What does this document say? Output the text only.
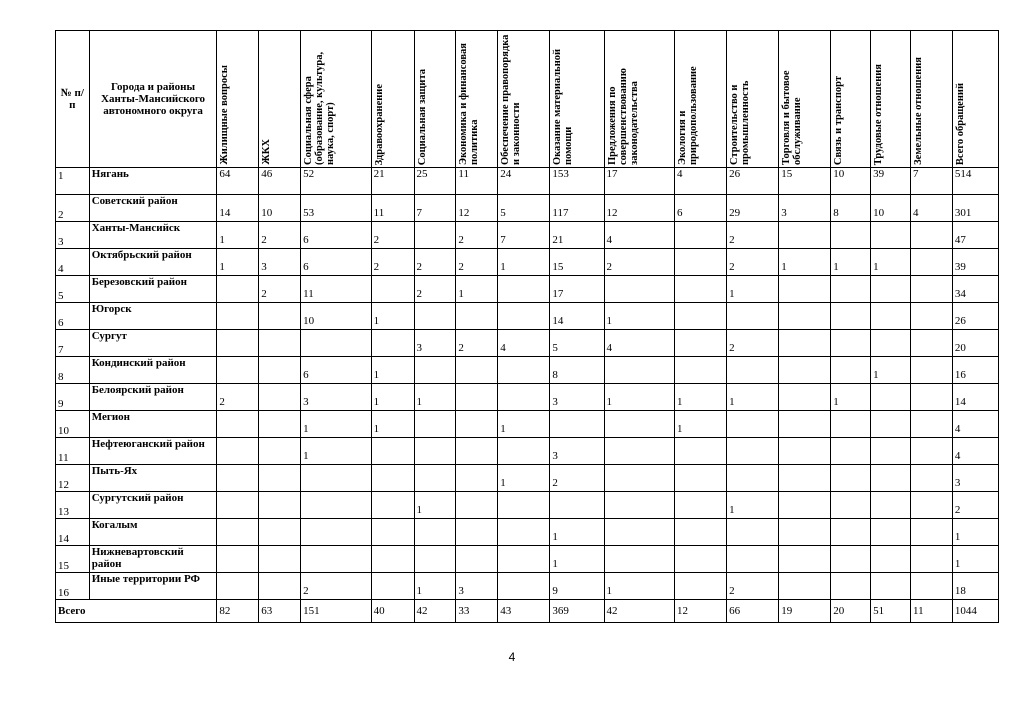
№ п/п	Города и районы Ханты-Мансийского автономного округа	Жилищные вопросы	ЖКХ	Социальная сфера (образование, культура, наука, спорт)	Здравоохранение	Социальная защита	Экономика и финансовая политика	Обеспечение правопорядка и законности	Оказание материальной помощи	Предложения по совершенствованию законодательства	Экология и природопользование	Строительство и промышленность	Торговля и бытовое обслуживание	Связь и транспорт	Трудовые отношения	Земельные отношения	Всего обращений

1	Нягань	64	46	52	21	25	11	24	153	17	4	26	15	10	39	7	514
2	Советский район	14	10	53	11	7	12	5	117	12	6	29	3	8	10	4	301
3	Ханты-Мансийск	1	2	6	2		2	7	21	4		2					47
4	Октябрьский район	1	3	6	2	2	2	1	15	2		2	1	1	1		39
5	Березовский район		2	11		2	1		17			1					34
6	Югорск			10	1				14	1							26
7	Сургут					3	2	4	5	4		2					20
8	Кондинский район			6	1				8						1		16
9	Белоярский район	2		3	1	1			3	1	1	1		1			14
10	Мегион			1	1			1			1						4
11	Нефтеюганский район			1					3								4
12	Пыть-Ях							1	2								3
13	Сургутский район					1						1					2
14	Когалым								1								1
15	Нижневартовский район								1								1
16	Иные территории РФ			2		1	3		9	1		2					18
Всего		82	63	151	40	42	33	43	369	42	12	66	19	20	51	11	1044
4
